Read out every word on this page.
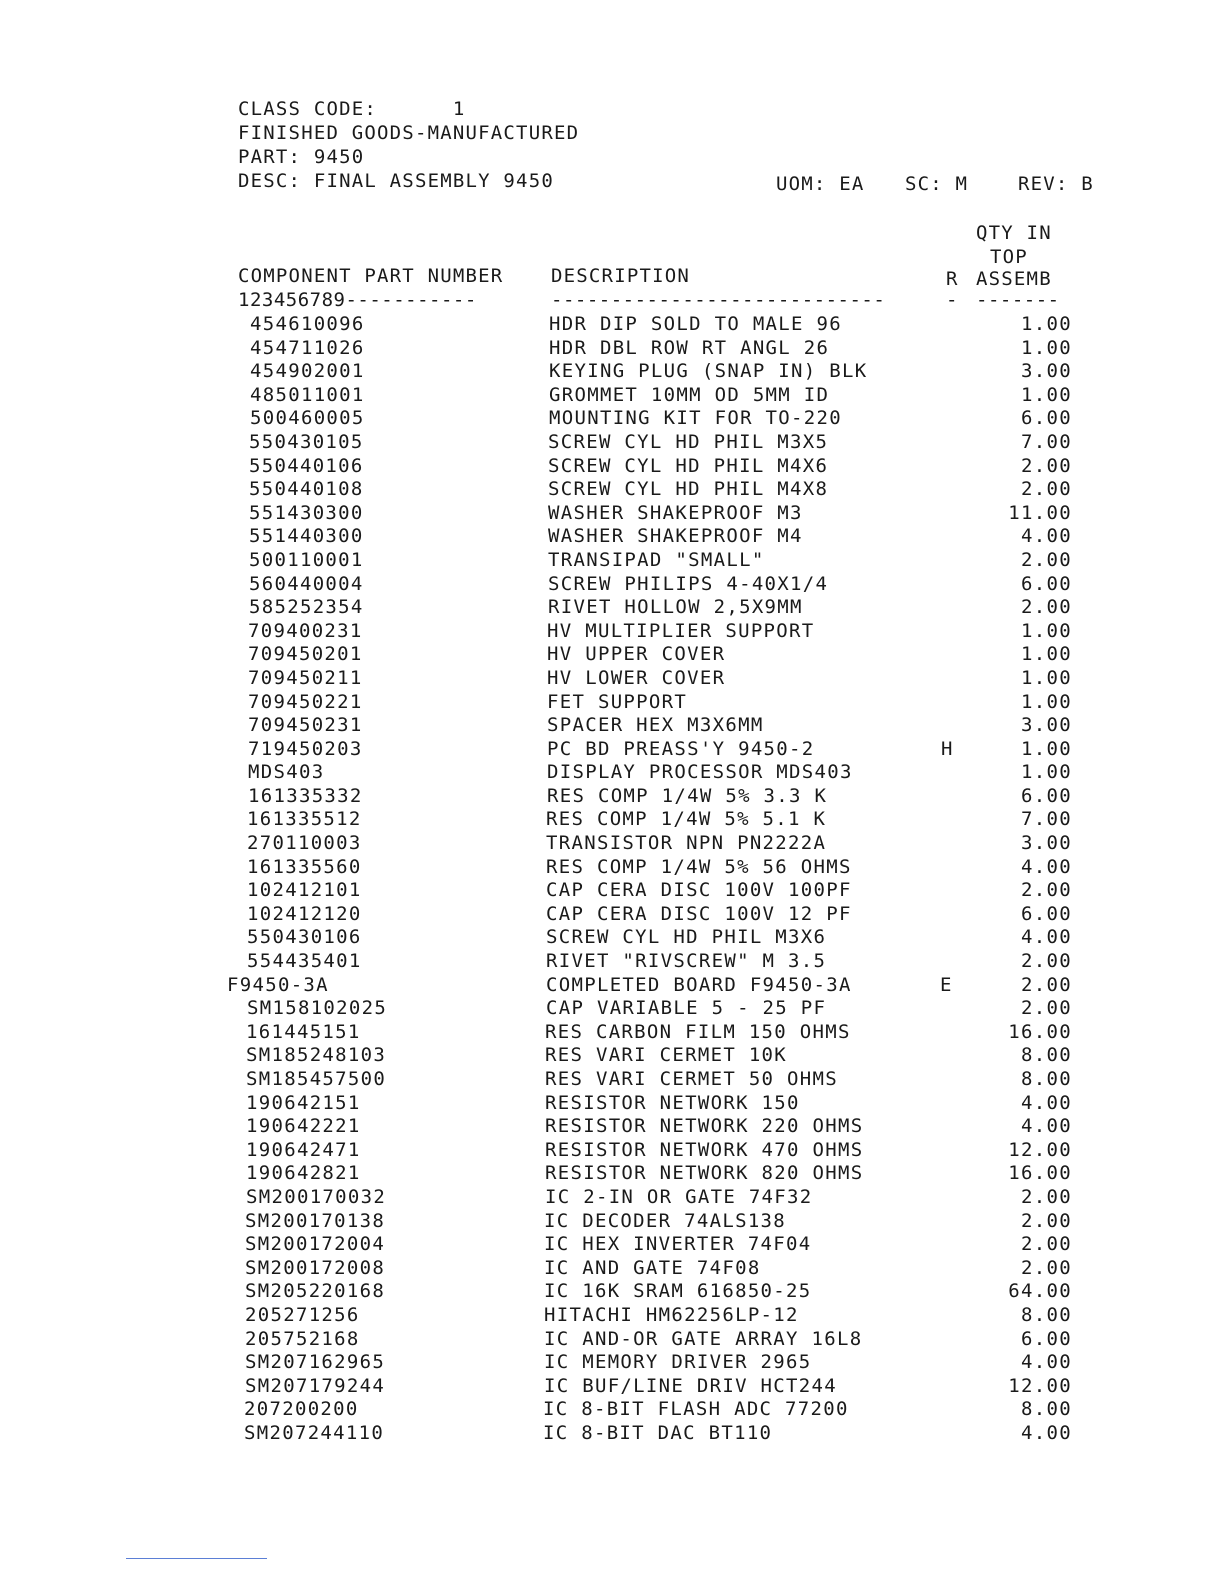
CLASS CODE:      1
FINISHED GOODS-MANUFACTURED
PART: 9450
DESC: FINAL ASSEMBLY 9450	UOM: EA SC: M	REV: B
QTY IN
TOP
COMPONENT PART NUMBER	DESCRIPTION	R ASSEMB
123456789-----------	----------------------------	- -------
454610096	HDR DIP SOLD TO MALE 96	1.00
454711026	HDR DBL ROW RT ANGL 26	1.00
454902001	KEYING PLUG (SNAP IN) BLK	3.00
485011001	GROMMET 10MM OD 5MM ID	1.00
500460005	MOUNTING KIT FOR TO-220	6.00
550430105	SCREW CYL HD PHIL M3X5	7.00
550440106	SCREW CYL HD PHIL M4X6	2.00
550440108	SCREW CYL HD PHIL M4X8	2.00
551430300	WASHER SHAKEPROOF M3	11.00
551440300	WASHER SHAKEPROOF M4	4.00
500110001	TRANSIPAD "SMALL"	2.00
560440004	SCREW PHILIPS 4-40X1/4	6.00
585252354	RIVET HOLLOW 2,5X9MM	2.00
709400231	HV MULTIPLIER SUPPORT	1.00
709450201	HV UPPER COVER	1.00
709450211	HV LOWER COVER	1.00
709450221	FET SUPPORT	1.00
709450231	SPACER HEX M3X6MM	3.00
719450203	PC BD PREASS'Y 9450-2	H	1.00
MDS403	DISPLAY PROCESSOR MDS403	1.00
161335332	RES COMP 1/4W 5% 3.3 K	6.00
161335512	RES COMP 1/4W 5% 5.1 K	7.00
270110003	TRANSISTOR NPN PN2222A	3.00
161335560	RES COMP 1/4W 5% 56 OHMS	4.00
102412101	CAP CERA DISC 100V 100PF	2.00
102412120	CAP CERA DISC 100V 12 PF	6.00
550430106	SCREW CYL HD PHIL M3X6	4.00
554435401	RIVET "RIVSCREW" M 3.5	2.00
F9450-3A	COMPLETED BOARD F9450-3A	E	2.00
SM158102025	CAP VARIABLE 5 - 25 PF	2.00
161445151	RES CARBON FILM 150 OHMS	16.00
SM185248103	RES VARI CERMET 10K	8.00
SM185457500	RES VARI CERMET 50 OHMS	8.00
190642151	RESISTOR NETWORK 150	4.00
190642221	RESISTOR NETWORK 220 OHMS	4.00
190642471	RESISTOR NETWORK 470 OHMS	12.00
190642821	RESISTOR NETWORK 820 OHMS	16.00
SM200170032	IC 2-IN OR GATE 74F32	2.00
SM200170138	IC DECODER 74ALS138	2.00
SM200172004	IC HEX INVERTER 74F04	2.00
SM200172008	IC AND GATE 74F08	2.00
SM205220168	IC 16K SRAM 616850-25	64.00
205271256	HITACHI HM62256LP-12	8.00
205752168	IC AND-OR GATE ARRAY 16L8	6.00
SM207162965	IC MEMORY DRIVER 2965	4.00
SM207179244	IC BUF/LINE DRIV HCT244	12.00
207200200	IC 8-BIT FLASH ADC 77200	8.00
SM207244110	IC 8-BIT DAC BT110	4.00
